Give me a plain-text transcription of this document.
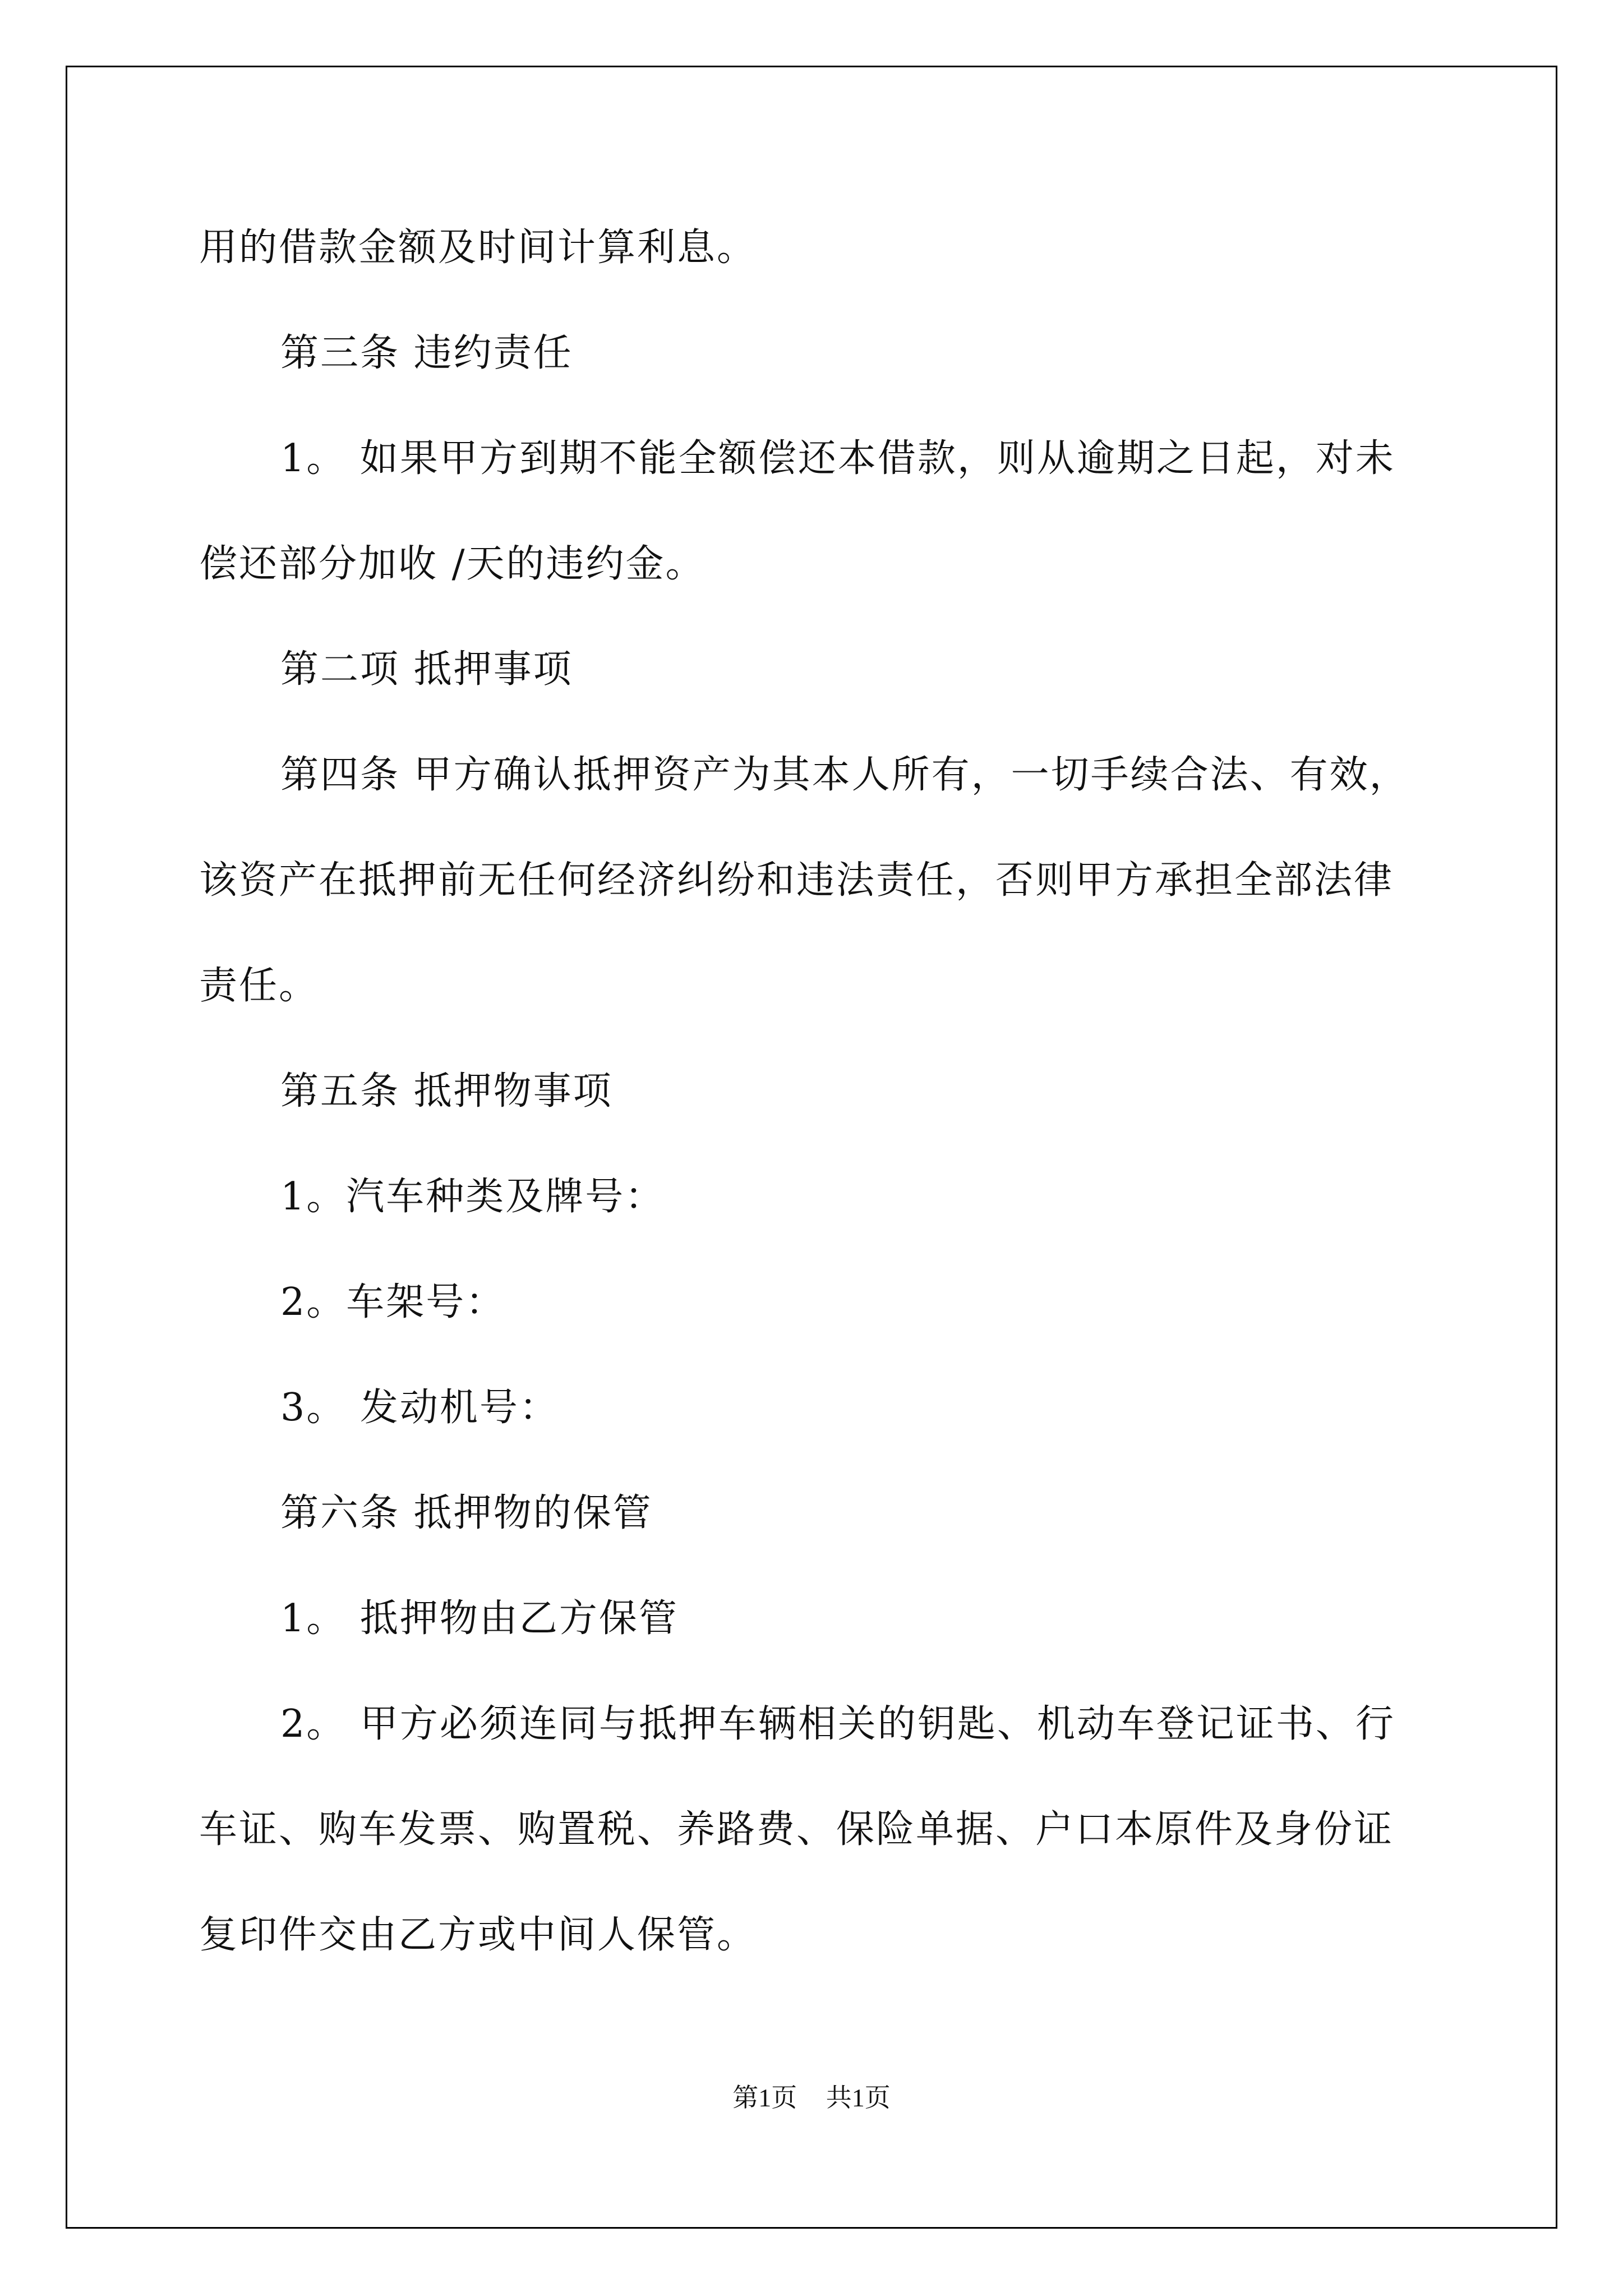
用的借款金额及时间计算利息。

第三条 违约责任

1。 如果甲方到期不能全额偿还本借款，则从逾期之日起，对未

偿还部分加收 /天的违约金。

第二项 抵押事项

第四条 甲方确认抵押资产为其本人所有，一切手续合法、有效，

该资产在抵押前无任何经济纠纷和违法责任，否则甲方承担全部法律

责任。

第五条 抵押物事项

1。汽车种类及牌号：

2。车架号：

3。 发动机号：

第六条 抵押物的保管

1。 抵押物由乙方保管

2。 甲方必须连同与抵押车辆相关的钥匙、机动车登记证书、行

车证、购车发票、购置税、养路费、保险单据、户口本原件及身份证

复印件交由乙方或中间人保管。

第1页 共1页
